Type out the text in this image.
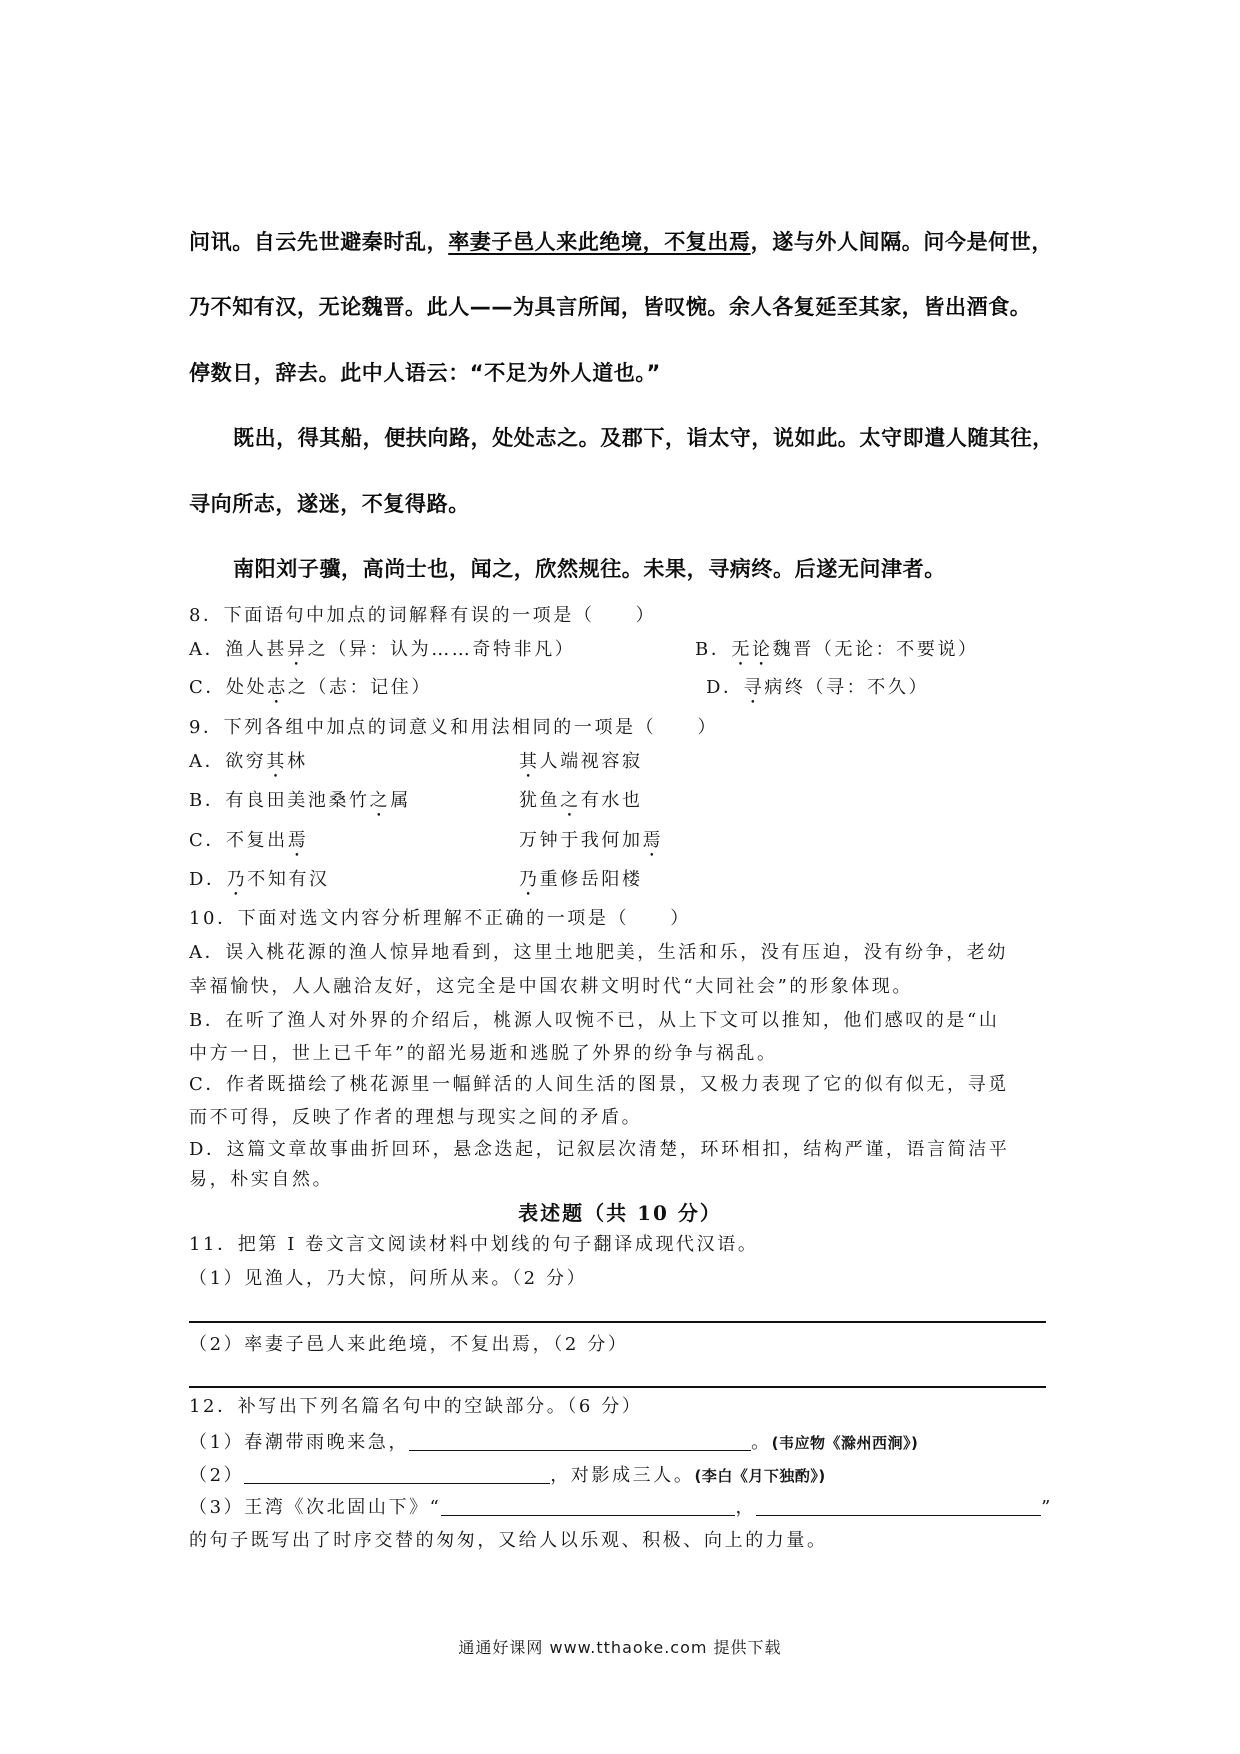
问讯。自云先世避秦时乱，率妻子邑人来此绝境，不复出焉，遂与外人间隔。问今是何世，
乃不知有汉，无论魏晋。此人——为具言所闻，皆叹惋。余人各复延至其家，皆出酒食。
停数日，辞去。此中人语云：“不足为外人道也。”
既出，得其船，便扶向路，处处志之。及郡下，诣太守，说如此。太守即遣人随其往，
寻向所志，遂迷，不复得路。
南阳刘子骥，高尚士也，闻之，欣然规往。未果，寻病终。后遂无问津者。
8．下面语句中加点的词解释有误的一项是（　　）
A．渔人甚异之（异：认为……奇特非凡）	B．无论魏晋（无论：不要说）
C．处处志之（志：记住）	D．寻病终（寻：不久）
9．下列各组中加点的词意义和用法相同的一项是（　　）
A．欲穷其林	其人端视容寂
B．有良田美池桑竹之属	犹鱼之有水也
C．不复出焉	万钟于我何加焉
D．乃不知有汉	乃重修岳阳楼
10．下面对选文内容分析理解不正确的一项是（　　）
A．误入桃花源的渔人惊异地看到，这里土地肥美，生活和乐，没有压迫，没有纷争，老幼
幸福愉快，人人融洽友好，这完全是中国农耕文明时代“大同社会”的形象体现。
B．在听了渔人对外界的介绍后，桃源人叹惋不已，从上下文可以推知，他们感叹的是“山
中方一日，世上已千年”的韶光易逝和逃脱了外界的纷争与祸乱。
C．作者既描绘了桃花源里一幅鲜活的人间生活的图景，又极力表现了它的似有似无，寻觅
而不可得，反映了作者的理想与现实之间的矛盾。
D．这篇文章故事曲折回环，悬念迭起，记叙层次清楚，环环相扣，结构严谨，语言简洁平
易，朴实自然。
表述题（共 10 分）
11．把第 I 卷文言文阅读材料中划线的句子翻译成现代汉语。
（1）见渔人，乃大惊，问所从来。（2 分）
（2）率妻子邑人来此绝境，不复出焉，（2 分）
12．补写出下列名篇名句中的空缺部分。（6 分）
（1）春潮带雨晚来急，	。(韦应物《滁州西涧》)
（2）	，对影成三人。(李白《月下独酌》)
（3）王湾《次北固山下》“	，	”
的句子既写出了时序交替的匆匆，又给人以乐观、积极、向上的力量。
通通好课网 www.tthaoke.com 提供下载
